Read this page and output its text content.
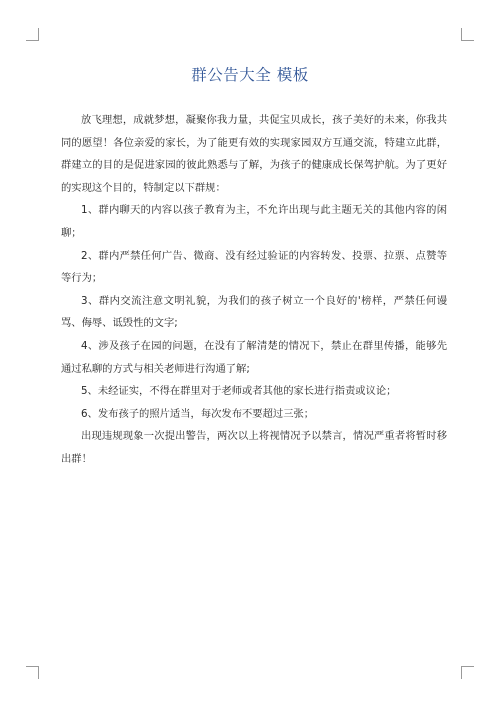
群公告大全 模板

放飞理想，成就梦想，凝聚你我力量，共促宝贝成长，孩子美好的未来，你我共同的愿望！各位亲爱的家长，为了能更有效的实现家园双方互通交流，特建立此群，群建立的目的是促进家园的彼此熟悉与了解，为孩子的健康成长保驾护航。为了更好的实现这个目的，特制定以下群规：

1、群内聊天的内容以孩子教育为主，不允许出现与此主题无关的其他内容的闲聊；

2、群内严禁任何广告、微商、没有经过验证的内容转发、投票、拉票、点赞等等行为；

3、群内交流注意文明礼貌，为我们的孩子树立一个良好的'榜样，严禁任何谩骂、侮辱、诋毁性的文字;

4、涉及孩子在园的问题，在没有了解清楚的情况下，禁止在群里传播，能够先通过私聊的方式与相关老师进行沟通了解;

5、未经证实，不得在群里对于老师或者其他的家长进行指责或议论；

6、发布孩子的照片适当，每次发布不要超过三张；

出现违规现象一次提出警告，两次以上将视情况予以禁言，情况严重者将暂时移出群！
